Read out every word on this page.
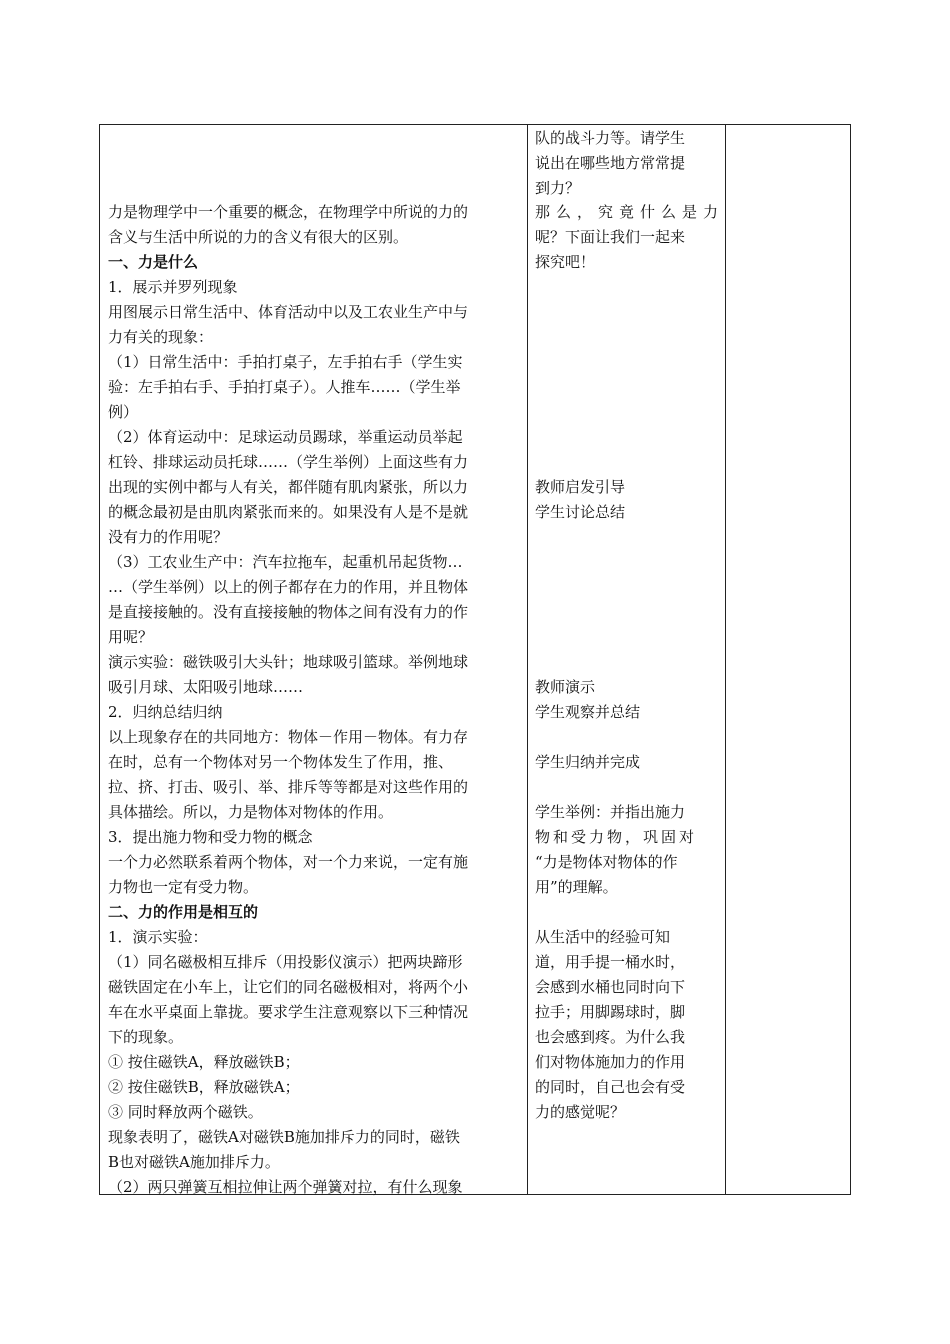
力是物理学中一个重要的概念，在物理学中所说的力的
含义与生活中所说的力的含义有很大的区别。
一、力是什么
1．展示并罗列现象
用图展示日常生活中、体育活动中以及工农业生产中与
力有关的现象：
（1）日常生活中：手拍打桌子，左手拍右手（学生实
验：左手拍右手、手拍打桌子）。人推车……（学生举
例）
（2）体育运动中：足球运动员踢球，举重运动员举起
杠铃、排球运动员托球……（学生举例）上面这些有力
出现的实例中都与人有关，都伴随有肌肉紧张，所以力
的概念最初是由肌肉紧张而来的。如果没有人是不是就
没有力的作用呢？
（3）工农业生产中：汽车拉拖车，起重机吊起货物…
…（学生举例）以上的例子都存在力的作用，并且物体
是直接接触的。没有直接接触的物体之间有没有力的作
用呢？
演示实验：磁铁吸引大头针；地球吸引篮球。举例地球
吸引月球、太阳吸引地球……
2．归纳总结归纳
以上现象存在的共同地方：物体－作用－物体。有力存
在时，总有一个物体对另一个物体发生了作用，推、
拉、挤、打击、吸引、举、排斥等等都是对这些作用的
具体描绘。所以，力是物体对物体的作用。
3．提出施力物和受力物的概念
一个力必然联系着两个物体，对一个力来说，一定有施
力物也一定有受力物。
二、力的作用是相互的
1．演示实验：
（1）同名磁极相互排斥（用投影仪演示）把两块蹄形
磁铁固定在小车上，让它们的同名磁极相对，将两个小
车在水平桌面上靠拢。要求学生注意观察以下三种情况
下的现象。
① 按住磁铁A，释放磁铁B；
② 按住磁铁B，释放磁铁A；
③ 同时释放两个磁铁。
现象表明了，磁铁A对磁铁B施加排斥力的同时，磁铁
B也对磁铁A施加排斥力。
（2）两只弹簧互相拉伸让两个弹簧对拉，有什么现象
队的战斗力等。请学生
说出在哪些地方常常提
到力？
那么，究竟什么是力
呢？下面让我们一起来
探究吧！
教师启发引导
学生讨论总结
教师演示
学生观察并总结
学生归纳并完成
学生举例：并指出施力
物和受力物，巩固对
“力是物体对物体的作
用”的理解。
从生活中的经验可知
道，用手提一桶水时，
会感到水桶也同时向下
拉手；用脚踢球时，脚
也会感到疼。为什么我
们对物体施加力的作用
的同时，自己也会有受
力的感觉呢？
